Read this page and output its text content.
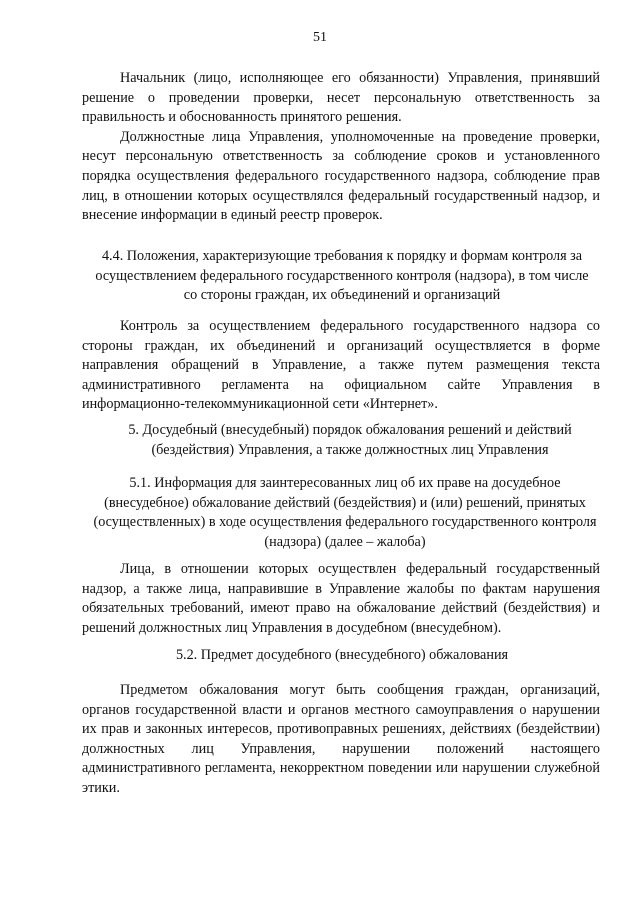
51

Начальник (лицо, исполняющее его обязанности) Управления, принявший решение о проведении проверки, несет персональную ответственность за правильность и обоснованность принятого решения.

Должностные лица Управления, уполномоченные на проведение проверки, несут персональную ответственность за соблюдение сроков и установленного порядка осуществления федерального государственного надзора, соблюдение прав лиц, в отношении которых осуществлялся федеральный государственный надзор, и внесение информации в единый реестр проверок.

4.4. Положения, характеризующие требования к порядку и формам контроля за осуществлением федерального государственного контроля (надзора), в том числе со стороны граждан, их объединений и организаций

Контроль за осуществлением федерального государственного надзора со стороны граждан, их объединений и организаций осуществляется в форме направления обращений в Управление, а также путем размещения текста административного регламента на официальном сайте Управления в информационно-телекоммуникационной сети «Интернет».

5. Досудебный (внесудебный) порядок обжалования решений и действий (бездействия) Управления, а также должностных лиц Управления

5.1. Информация для заинтересованных лиц об их праве на досудебное (внесудебное) обжалование действий (бездействия) и (или) решений, принятых (осуществленных) в ходе осуществления федерального государственного контроля (надзора) (далее – жалоба)

Лица, в отношении которых осуществлен федеральный государственный надзор, а также лица, направившие в Управление жалобы по фактам нарушения обязательных требований, имеют право на обжалование действий (бездействия) и решений должностных лиц Управления в досудебном (внесудебном).

5.2. Предмет досудебного (внесудебного) обжалования

Предметом обжалования могут быть сообщения граждан, организаций, органов государственной власти и органов местного самоуправления о нарушении их прав и законных интересов, противоправных решениях, действиях (бездействии) должностных лиц Управления, нарушении положений настоящего административного регламента, некорректном поведении или нарушении служебной этики.
